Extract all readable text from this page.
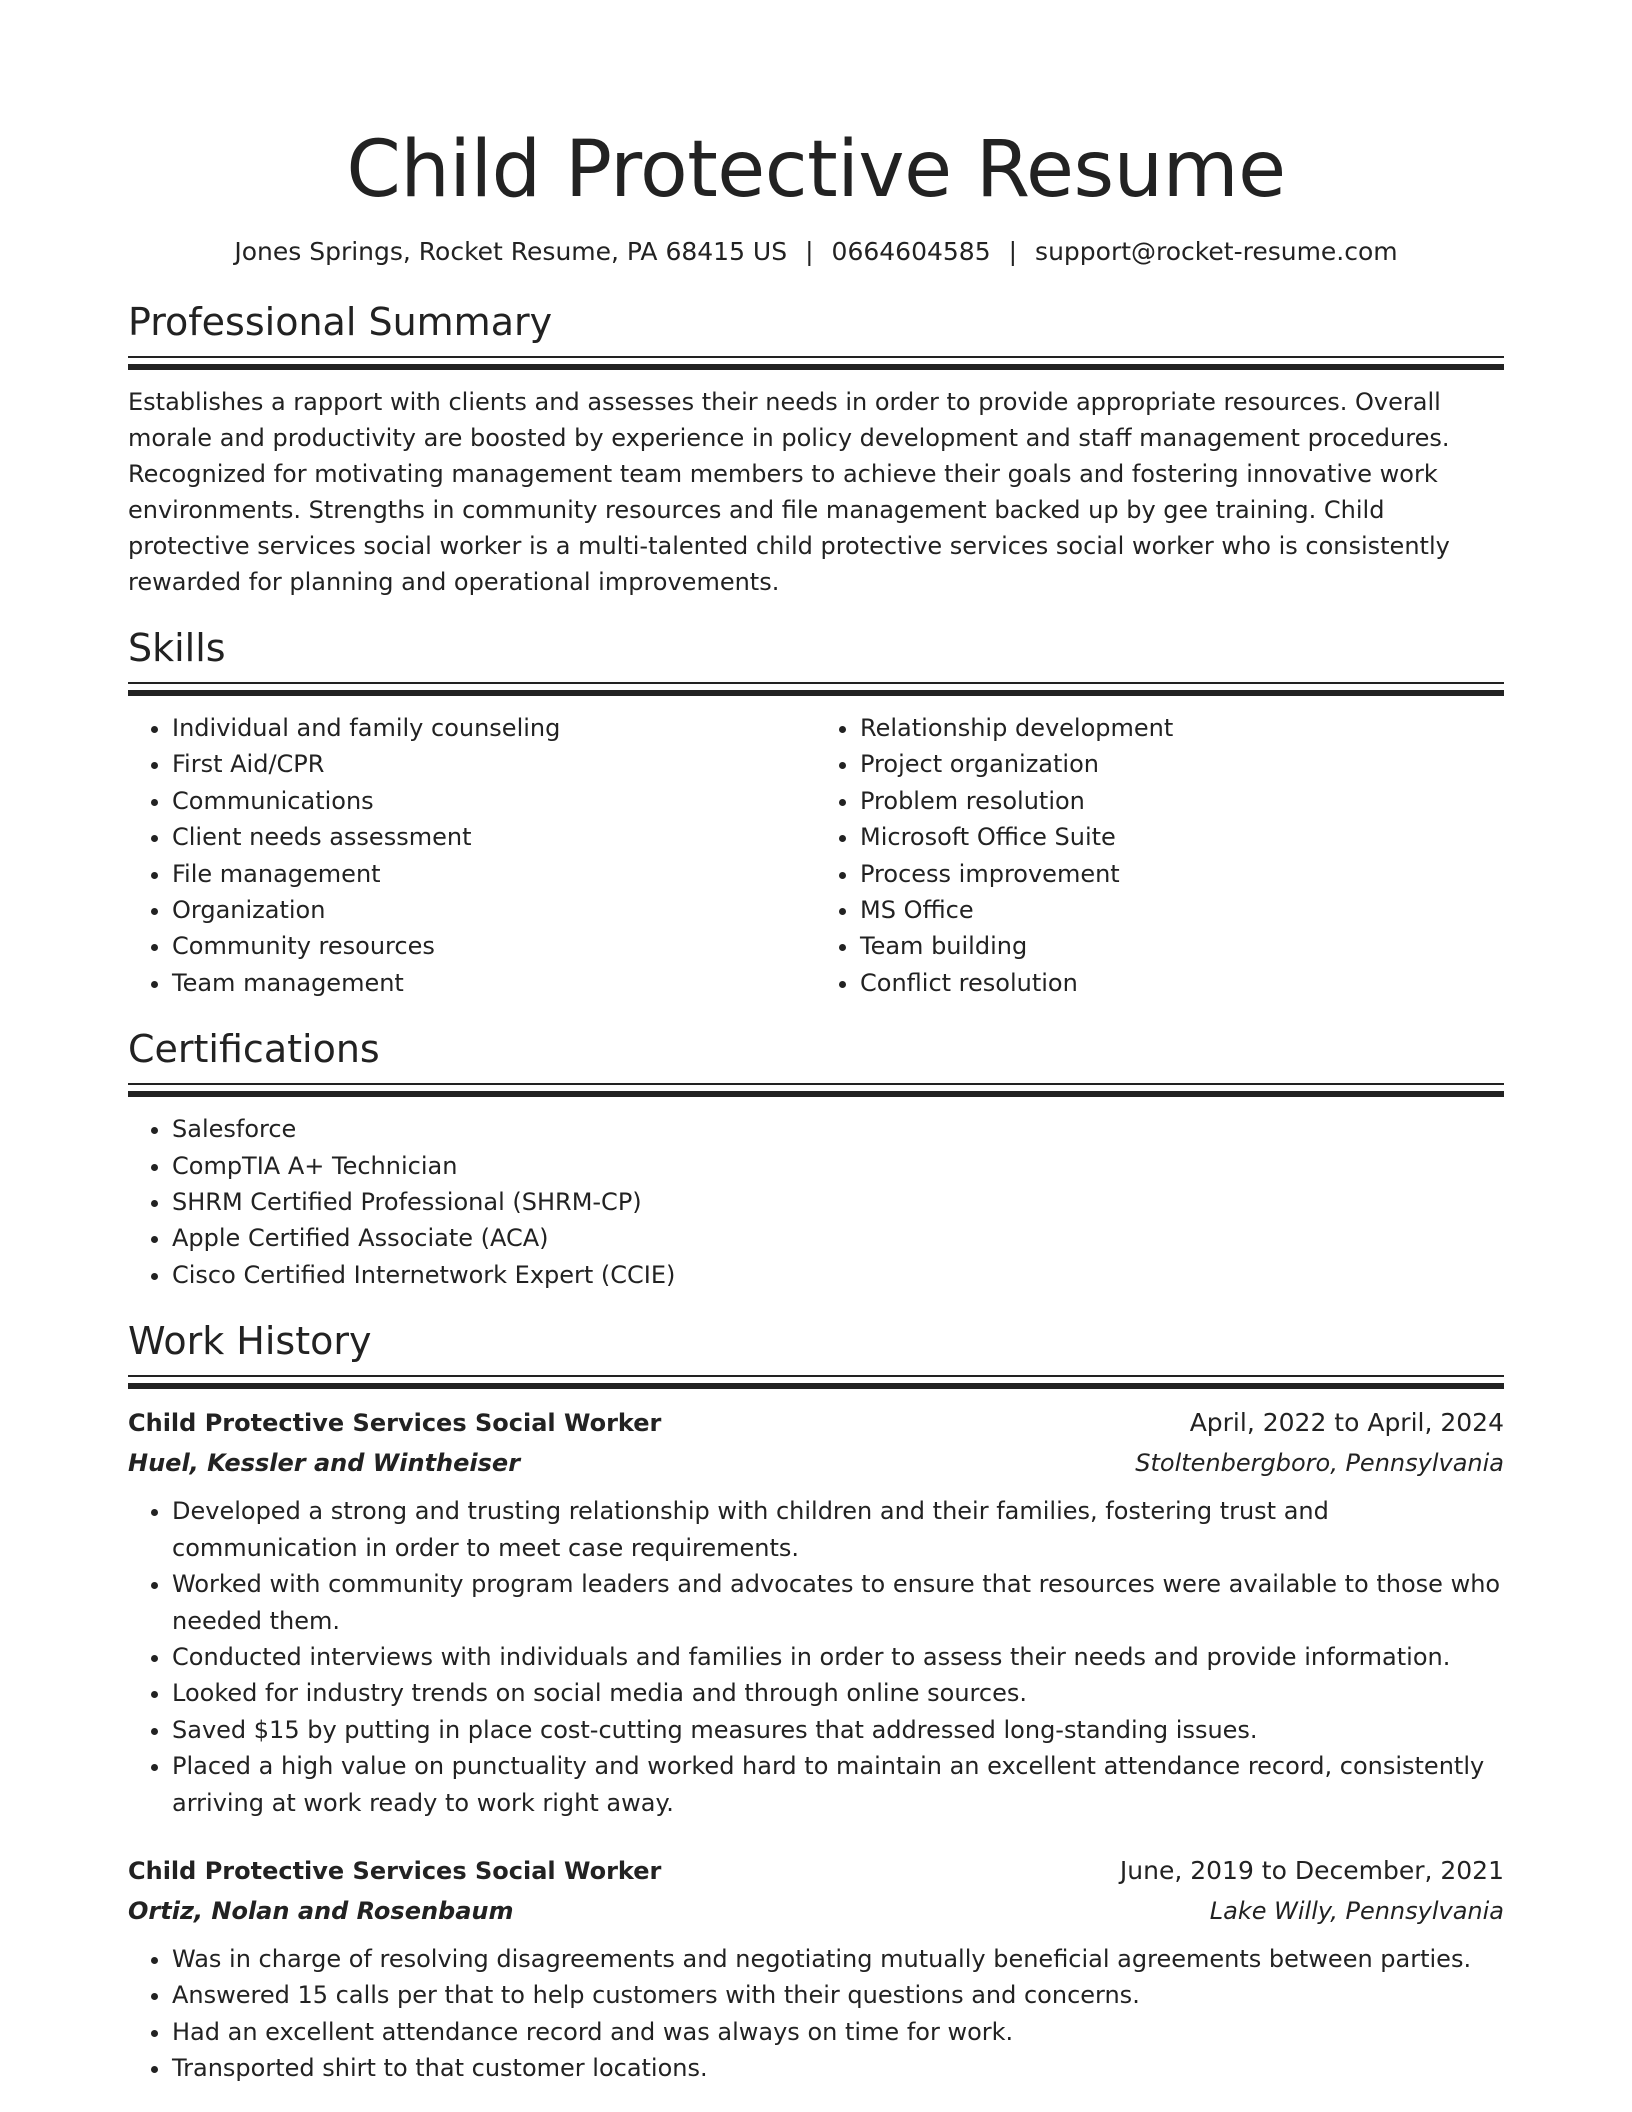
Child Protective Resume
Jones Springs, Rocket Resume, PA 68415 US | 0664604585 | support@rocket-resume.com
Professional Summary

Establishes a rapport with clients and assesses their needs in order to provide appropriate resources. Overall morale and productivity are boosted by experience in policy development and staff management procedures. Recognized for motivating management team members to achieve their goals and fostering innovative work environments. Strengths in community resources and file management backed up by gee training. Child protective services social worker is a multi-talented child protective services social worker who is consistently rewarded for planning and operational improvements.

Skills
• Individual and family counseling
• First Aid/CPR
• Communications
• Client needs assessment
• File management
• Organization
• Community resources
• Team management
• Relationship development
• Project organization
• Problem resolution
• Microsoft Office Suite
• Process improvement
• MS Office
• Team building
• Conflict resolution
Certifications
• Salesforce
• CompTIA A+ Technician
• SHRM Certified Professional (SHRM-CP)
• Apple Certified Associate (ACA)
• Cisco Certified Internetwork Expert (CCIE)
Work History
Child Protective Services Social Worker	April, 2022 to April, 2024
Huel, Kessler and Wintheiser	Stoltenbergboro, Pennsylvania
• Developed a strong and trusting relationship with children and their families, fostering trust and communication in order to meet case requirements.
• Worked with community program leaders and advocates to ensure that resources were available to those who needed them.
• Conducted interviews with individuals and families in order to assess their needs and provide information.
• Looked for industry trends on social media and through online sources.
• Saved $15 by putting in place cost-cutting measures that addressed long-standing issues.
• Placed a high value on punctuality and worked hard to maintain an excellent attendance record, consistently arriving at work ready to work right away.
Child Protective Services Social Worker	June, 2019 to December, 2021
Ortiz, Nolan and Rosenbaum	Lake Willy, Pennsylvania
• Was in charge of resolving disagreements and negotiating mutually beneficial agreements between parties.
• Answered 15 calls per that to help customers with their questions and concerns.
• Had an excellent attendance record and was always on time for work.
• Transported shirt to that customer locations.
